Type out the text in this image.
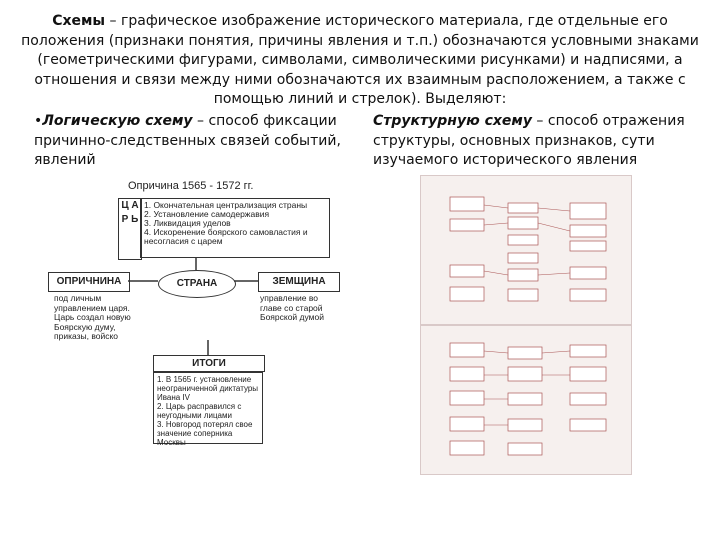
Схемы – графическое изображение исторического материала, где отдельные его положения (признаки понятия, причины явления и т.п.) обозначаются условными знаками (геометрическими фигурами, символами, символическими рисунками) и надписями, а отношения и связи между ними обозначаются их взаимным расположением, а также с помощью линий и стрелок). Выделяют:
•Логическую схему – способ фиксации причинно-следственных связей событий, явлений
Структурную схему – способ отражения структуры, основных признаков, сути изучаемого исторического явления
Опричина 1565 - 1572 гг.
Ц А Р Ь
1. Окончательная централизация страны
2. Установление самодержавия
3. Ликвидация уделов
4. Искоренение боярского самовластия и несогласия с царем
ОПРИЧНИНА	СТРАНА	ЗЕМЩИНА
под личным управлением царя. Царь создал новую Боярскую думу, приказы, войско
управление во главе со старой Боярской думой
ИТОГИ
1. В 1565 г. установление неограниченной диктатуры Ивана IV
2. Царь расправился с неугодными лицами
3. Новгород потерял свое значение соперника Москвы
